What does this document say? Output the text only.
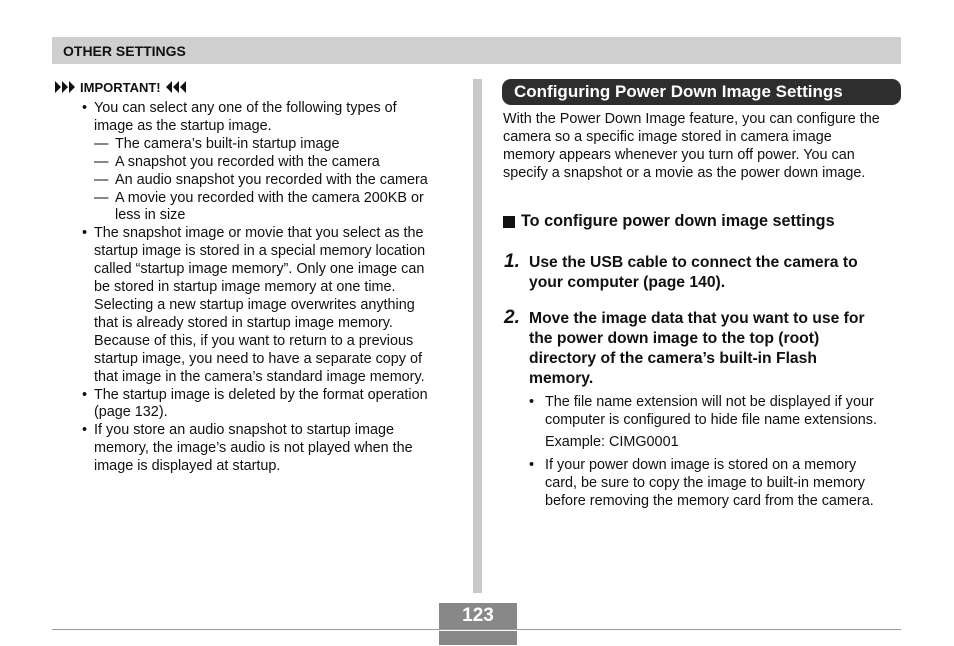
OTHER SETTINGS
IMPORTANT!
• You can select any one of the following types of
image as the startup image.
— The camera’s built-in startup image
— A snapshot you recorded with the camera
— An audio snapshot you recorded with the camera
— A movie you recorded with the camera 200KB or
less in size
• The snapshot image or movie that you select as the
startup image is stored in a special memory location
called “startup image memory”. Only one image can
be stored in startup image memory at one time.
Selecting a new startup image overwrites anything
that is already stored in startup image memory.
Because of this, if you want to return to a previous
startup image, you need to have a separate copy of
that image in the camera’s standard image memory.
• The startup image is deleted by the format operation
(page 132).
• If you store an audio snapshot to startup image
memory, the image’s audio is not played when the
image is displayed at startup.
Configuring Power Down Image Settings
With the Power Down Image feature, you can configure the
camera so a specific image stored in camera image
memory appears whenever you turn off power. You can
specify a snapshot or a movie as the power down image.
To configure power down image settings
1. Use the USB cable to connect the camera to
your computer (page 140).
2. Move the image data that you want to use for
the power down image to the top (root)
directory of the camera’s built-in Flash
memory.
• The file name extension will not be displayed if your
computer is configured to hide file name extensions.
Example: CIMG0001
• If your power down image is stored on a memory
card, be sure to copy the image to built-in memory
before removing the memory card from the camera.
123
